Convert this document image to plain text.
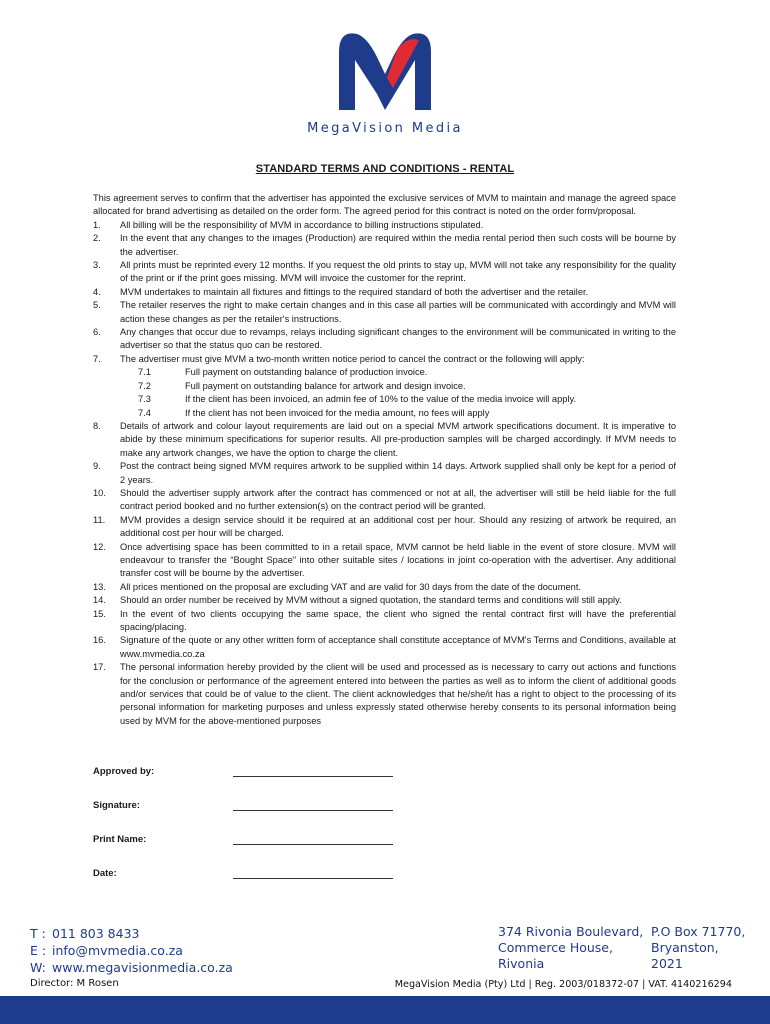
MegaVision Media
STANDARD TERMS AND CONDITIONS - RENTAL

This agreement serves to confirm that the advertiser has appointed the exclusive services of MVM to maintain and manage the agreed space allocated for brand advertising as detailed on the order form. The agreed period for this contract is noted on the order form/proposal.

1.	All billing will be the responsibility of MVM in accordance to billing instructions stipulated.
2.	In the event that any changes to the images (Production) are required within the media rental period then such costs will be bourne by the advertiser.
3.	All prints must be reprinted every 12 months. If you request the old prints to stay up, MVM will not take any responsibility for the quality of the print or if the print goes missing. MVM will invoice the customer for the reprint.
4.	MVM undertakes to maintain all fixtures and fittings to the required standard of both the advertiser and the retailer.
5.	The retailer reserves the right to make certain changes and in this case all parties will be communicated with accordingly and MVM will action these changes as per the retailer's instructions.
6.	Any changes that occur due to revamps, relays including significant changes to the environment will be communicated in writing to the advertiser so that the status quo can be restored.
7.	The advertiser must give MVM a two-month written notice period to cancel the contract or the following will apply:
7.1	Full payment on outstanding balance of production invoice.
7.2	Full payment on outstanding balance for artwork and design invoice.
7.3	If the client has been invoiced, an admin fee of 10% to the value of the media invoice will apply.
7.4	If the client has not been invoiced for the media amount, no fees will apply
8.	Details of artwork and colour layout requirements are laid out on a special MVM artwork specifications document. It is imperative to abide by these minimum specifications for superior results. All pre-production samples will be charged accordingly. If MVM needs to make any artwork changes, we have the option to charge the client.
9.	Post the contract being signed MVM requires artwork to be supplied within 14 days. Artwork supplied shall only be kept for a period of 2 years.
10.	Should the advertiser supply artwork after the contract has commenced or not at all, the advertiser will still be held liable for the full contract period booked and no further extension(s) on the contract period will be granted.
11.	MVM provides a design service should it be required at an additional cost per hour. Should any resizing of artwork be required, an additional cost per hour will be charged.
12.	Once advertising space has been committed to in a retail space, MVM cannot be held liable in the event of store closure. MVM will endeavour to transfer the “Bought Space” into other suitable sites / locations in joint co-operation with the advertiser. Any additional transfer cost will be bourne by the advertiser.
13.	All prices mentioned on the proposal are excluding VAT and are valid for 30 days from the date of the document.
14.	Should an order number be received by MVM without a signed quotation, the standard terms and conditions will still apply.
15.	In the event of two clients occupying the same space, the client who signed the rental contract first will have the preferential spacing/placing.
16.	Signature of the quote or any other written form of acceptance shall constitute acceptance of MVM's Terms and Conditions, available at www.mvmedia.co.za
17.	The personal information hereby provided by the client will be used and processed as is necessary to carry out actions and functions for the conclusion or performance of the agreement entered into between the parties as well as to inform the client of additional goods and/or services that could be of value to the client. The client acknowledges that he/she/it has a right to object to the processing of its personal information for marketing purposes and unless expressly stated otherwise hereby consents to its personal information being used by MVM for the above-mentioned purposes
Approved by:
Signature:
Print Name:
Date:
T : 011 803 8433
E : info@mvmedia.co.za
W: www.megavisionmedia.co.za
374 Rivonia Boulevard,
Commerce House,
Rivonia
P.O Box 71770,
Bryanston,
2021
Director: M Rosen	MegaVision Media (Pty) Ltd | Reg. 2003/018372-07 | VAT. 4140216294
